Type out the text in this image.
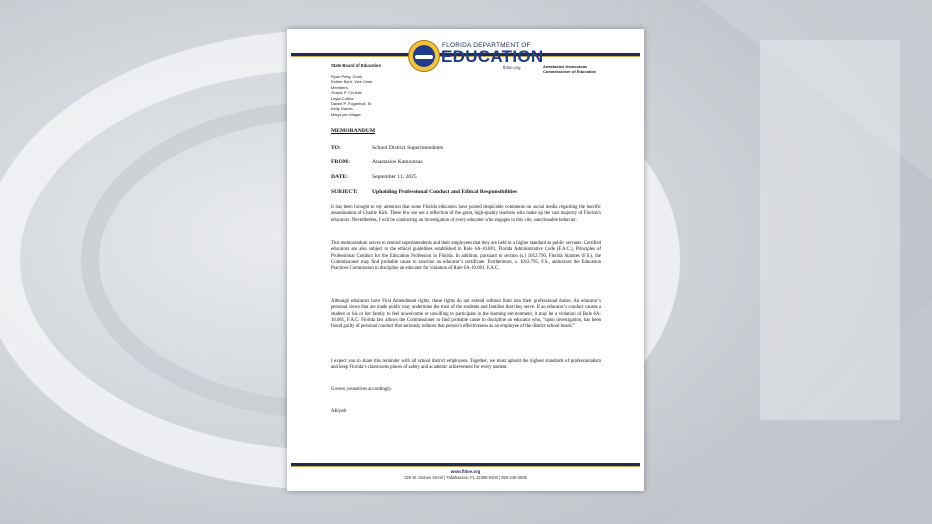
FLORIDA DEPARTMENT OF
EDUCATION
fldoe.org
State Board of Education
Ryan Petty, Chair
Esther Byrd, Vice Chair
Members
Grazie P. Christie
Layla Collins
Daniel P. Foganholi, Sr.
Kelly Garcia
MaryLynn Magar
Anastasios Kamoutsas
Commissioner of Education
MEMORANDUM
TO:	School District Superintendents
FROM:	Anastasios Kamoutsas
DATE:	September 11, 2025
SUBJECT:	Upholding Professional Conduct and Ethical Responsibilities

It has been brought to my attention that some Florida educators have posted despicable comments on social media regarding the horrific assassination of Charlie Kirk. These few are not a reflection of the great, high-quality teachers who make up the vast majority of Florida’s educators. Nevertheless, I will be conducting an investigation of every educator who engages in this vile, sanctionable behavior.

This memorandum serves to remind superintendents and their employees that they are held to a higher standard as public servants. Certified educators are also subject to the ethical guidelines established in Rule 6A-10.081, Florida Administrative Code (F.A.C.), Principles of Professional Conduct for the Education Profession in Florida. In addition, pursuant to section (s.) 1012.796, Florida Statutes (F.S.), the Commissioner may find probable cause to sanction an educator’s certificate. Furthermore, s. 1012.795, F.S., authorizes the Education Practices Commission to discipline an educator for violation of Rule 6A-10.081, F.A.C.

Although educators have First Amendment rights, these rights do not extend without limit into their professional duties. An educator’s personal views that are made public may undermine the trust of the students and families that they serve. If an educator’s conduct causes a student or his or her family to feel unwelcome or unwilling to participate in the learning environment, it may be a violation of Rule 6A-10.081, F.A.C. Florida law allows the Commissioner to find probable cause to discipline an educator who, “upon investigation, has been found guilty of personal conduct that seriously reduces that person’s effectiveness as an employee of the district school board.”

I expect you to share this reminder with all school district employees. Together, we must uphold the highest standards of professionalism and keep Florida’s classrooms places of safety and academic achievement for every student.

Govern yourselves accordingly.

AK/pob

www.fldoe.org
325 W. Gaines Street | Tallahassee, FL 32399-0400 | 850-245-0505
